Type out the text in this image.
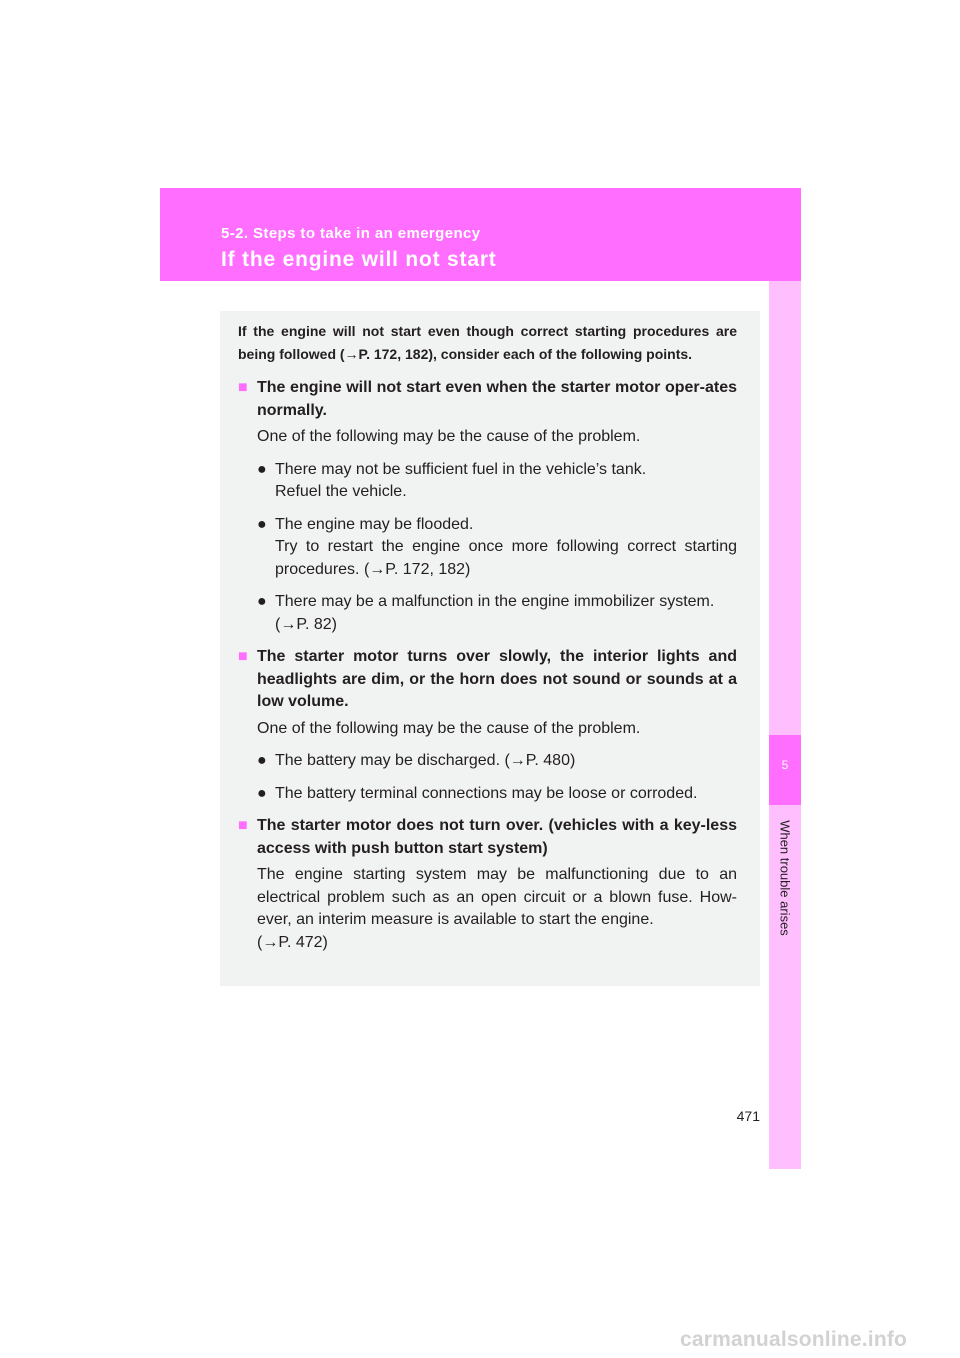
5-2. Steps to take in an emergency
If the engine will not start
5
When trouble arises

If the engine will not start even though correct starting procedures are being followed (→P. 172, 182), consider each of the following points.

■ The engine will not start even when the starter motor oper-ates normally.

One of the following may be the cause of the problem.

● There may not be sufficient fuel in the vehicle’s tank.

Refuel the vehicle.

● The engine may be flooded.

Try to restart the engine once more following correct starting procedures. (→P. 172, 182)

● There may be a malfunction in the engine immobilizer system.

(→P. 82)

■ The starter motor turns over slowly, the interior lights and headlights are dim, or the horn does not sound or sounds at a low volume.

One of the following may be the cause of the problem.

● The battery may be discharged. (→P. 480)

● The battery terminal connections may be loose or corroded.

■ The starter motor does not turn over. (vehicles with a key-less access with push button start system)

The engine starting system may be malfunctioning due to an electrical problem such as an open circuit or a blown fuse. How-ever, an interim measure is available to start the engine.

(→P. 472)

471
carmanualsonline.info
